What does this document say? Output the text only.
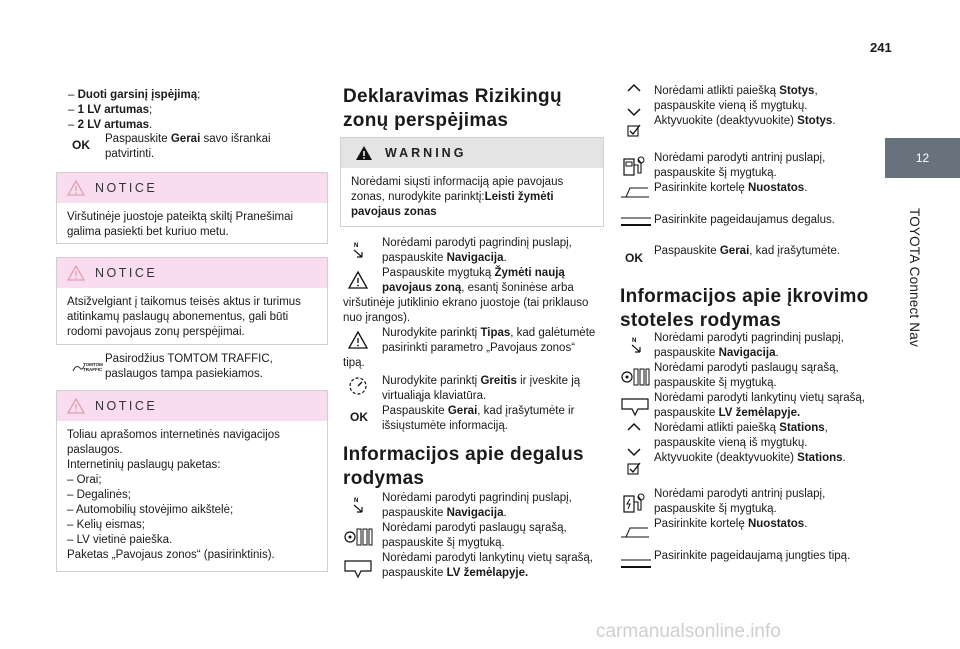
241
12
TOYOTA Connect Nav
– Duoti garsinį įspėjimą;
– 1 LV artumas;
– 2 LV artumas.
OK Paspauskite Gerai savo išrankai
patvirtinti.
NOTICE
Viršutinėje juostoje pateiktą skiltį Pranešimai
galima pasiekti bet kuriuo metu.
NOTICE
Atsižvelgiant į taikomus teisės aktus ir turimus
atitinkamų paslaugų abonementus, gali būti
rodomi pavojaus zonų perspėjimai.
TOMTOM TRAFFIC
Pasirodžius TOMTOM TRAFFIC,
paslaugos tampa pasiekiamos.
NOTICE
Toliau aprašomos internetinės navigacijos
paslaugos.
Internetinių paslaugų paketas:
– Orai;
– Degalinės;
– Automobilių stovėjimo aikštelė;
– Kelių eismas;
– LV vietinė paieška.
Paketas „Pavojaus zonos“ (pasirinktinis).
Deklaravimas Rizikingų
zonų perspėjimas
WARNING
Norėdami siųsti informaciją apie pavojaus
zonas, nurodykite parinktį:Leisti žymėti
pavojaus zonas
N Norėdami parodyti pagrindinį puslapį,
paspauskite Navigacija.
Paspauskite mygtuką Žymėti naują
pavojaus zoną, esantį šoninėse arba
viršutinėje jutiklinio ekrano juostoje (tai priklauso
nuo įrangos).
Nurodykite parinktį Tipas, kad galėtumėte
pasirinkti parametro „Pavojaus zonos“
tipą.
Nurodykite parinktį Greitis ir įveskite ją
virtualiąja klaviatūra.
Paspauskite Gerai, kad įrašytumėte ir
išsiųstumėte informaciją.
OK
Informacijos apie degalus
rodymas
N Norėdami parodyti pagrindinį puslapį,
paspauskite Navigacija.
Norėdami parodyti paslaugų sąrašą,
paspauskite šį mygtuką.
Norėdami parodyti lankytinų vietų sąrašą,
paspauskite LV žemėlapyje.
Norėdami atlikti paiešką Stotys,
paspauskite vieną iš mygtukų.
Aktyvuokite (deaktyvuokite) Stotys.
Norėdami parodyti antrinį puslapį,
paspauskite šį mygtuką.
Pasirinkite kortelę Nuostatos.
Pasirinkite pageidaujamus degalus.
OK Paspauskite Gerai, kad įrašytumėte.
Informacijos apie įkrovimo
stoteles rodymas
N Norėdami parodyti pagrindinį puslapį,
paspauskite Navigacija.
Norėdami parodyti paslaugų sąrašą,
paspauskite šį mygtuką.
Norėdami parodyti lankytinų vietų sąrašą,
paspauskite LV žemėlapyje.
Norėdami atlikti paiešką Stations,
paspauskite vieną iš mygtukų.
Aktyvuokite (deaktyvuokite) Stations.
Norėdami parodyti antrinį puslapį,
paspauskite šį mygtuką.
Pasirinkite kortelę Nuostatos.
Pasirinkite pageidaujamą jungties tipą.
carmanualsonline.info
